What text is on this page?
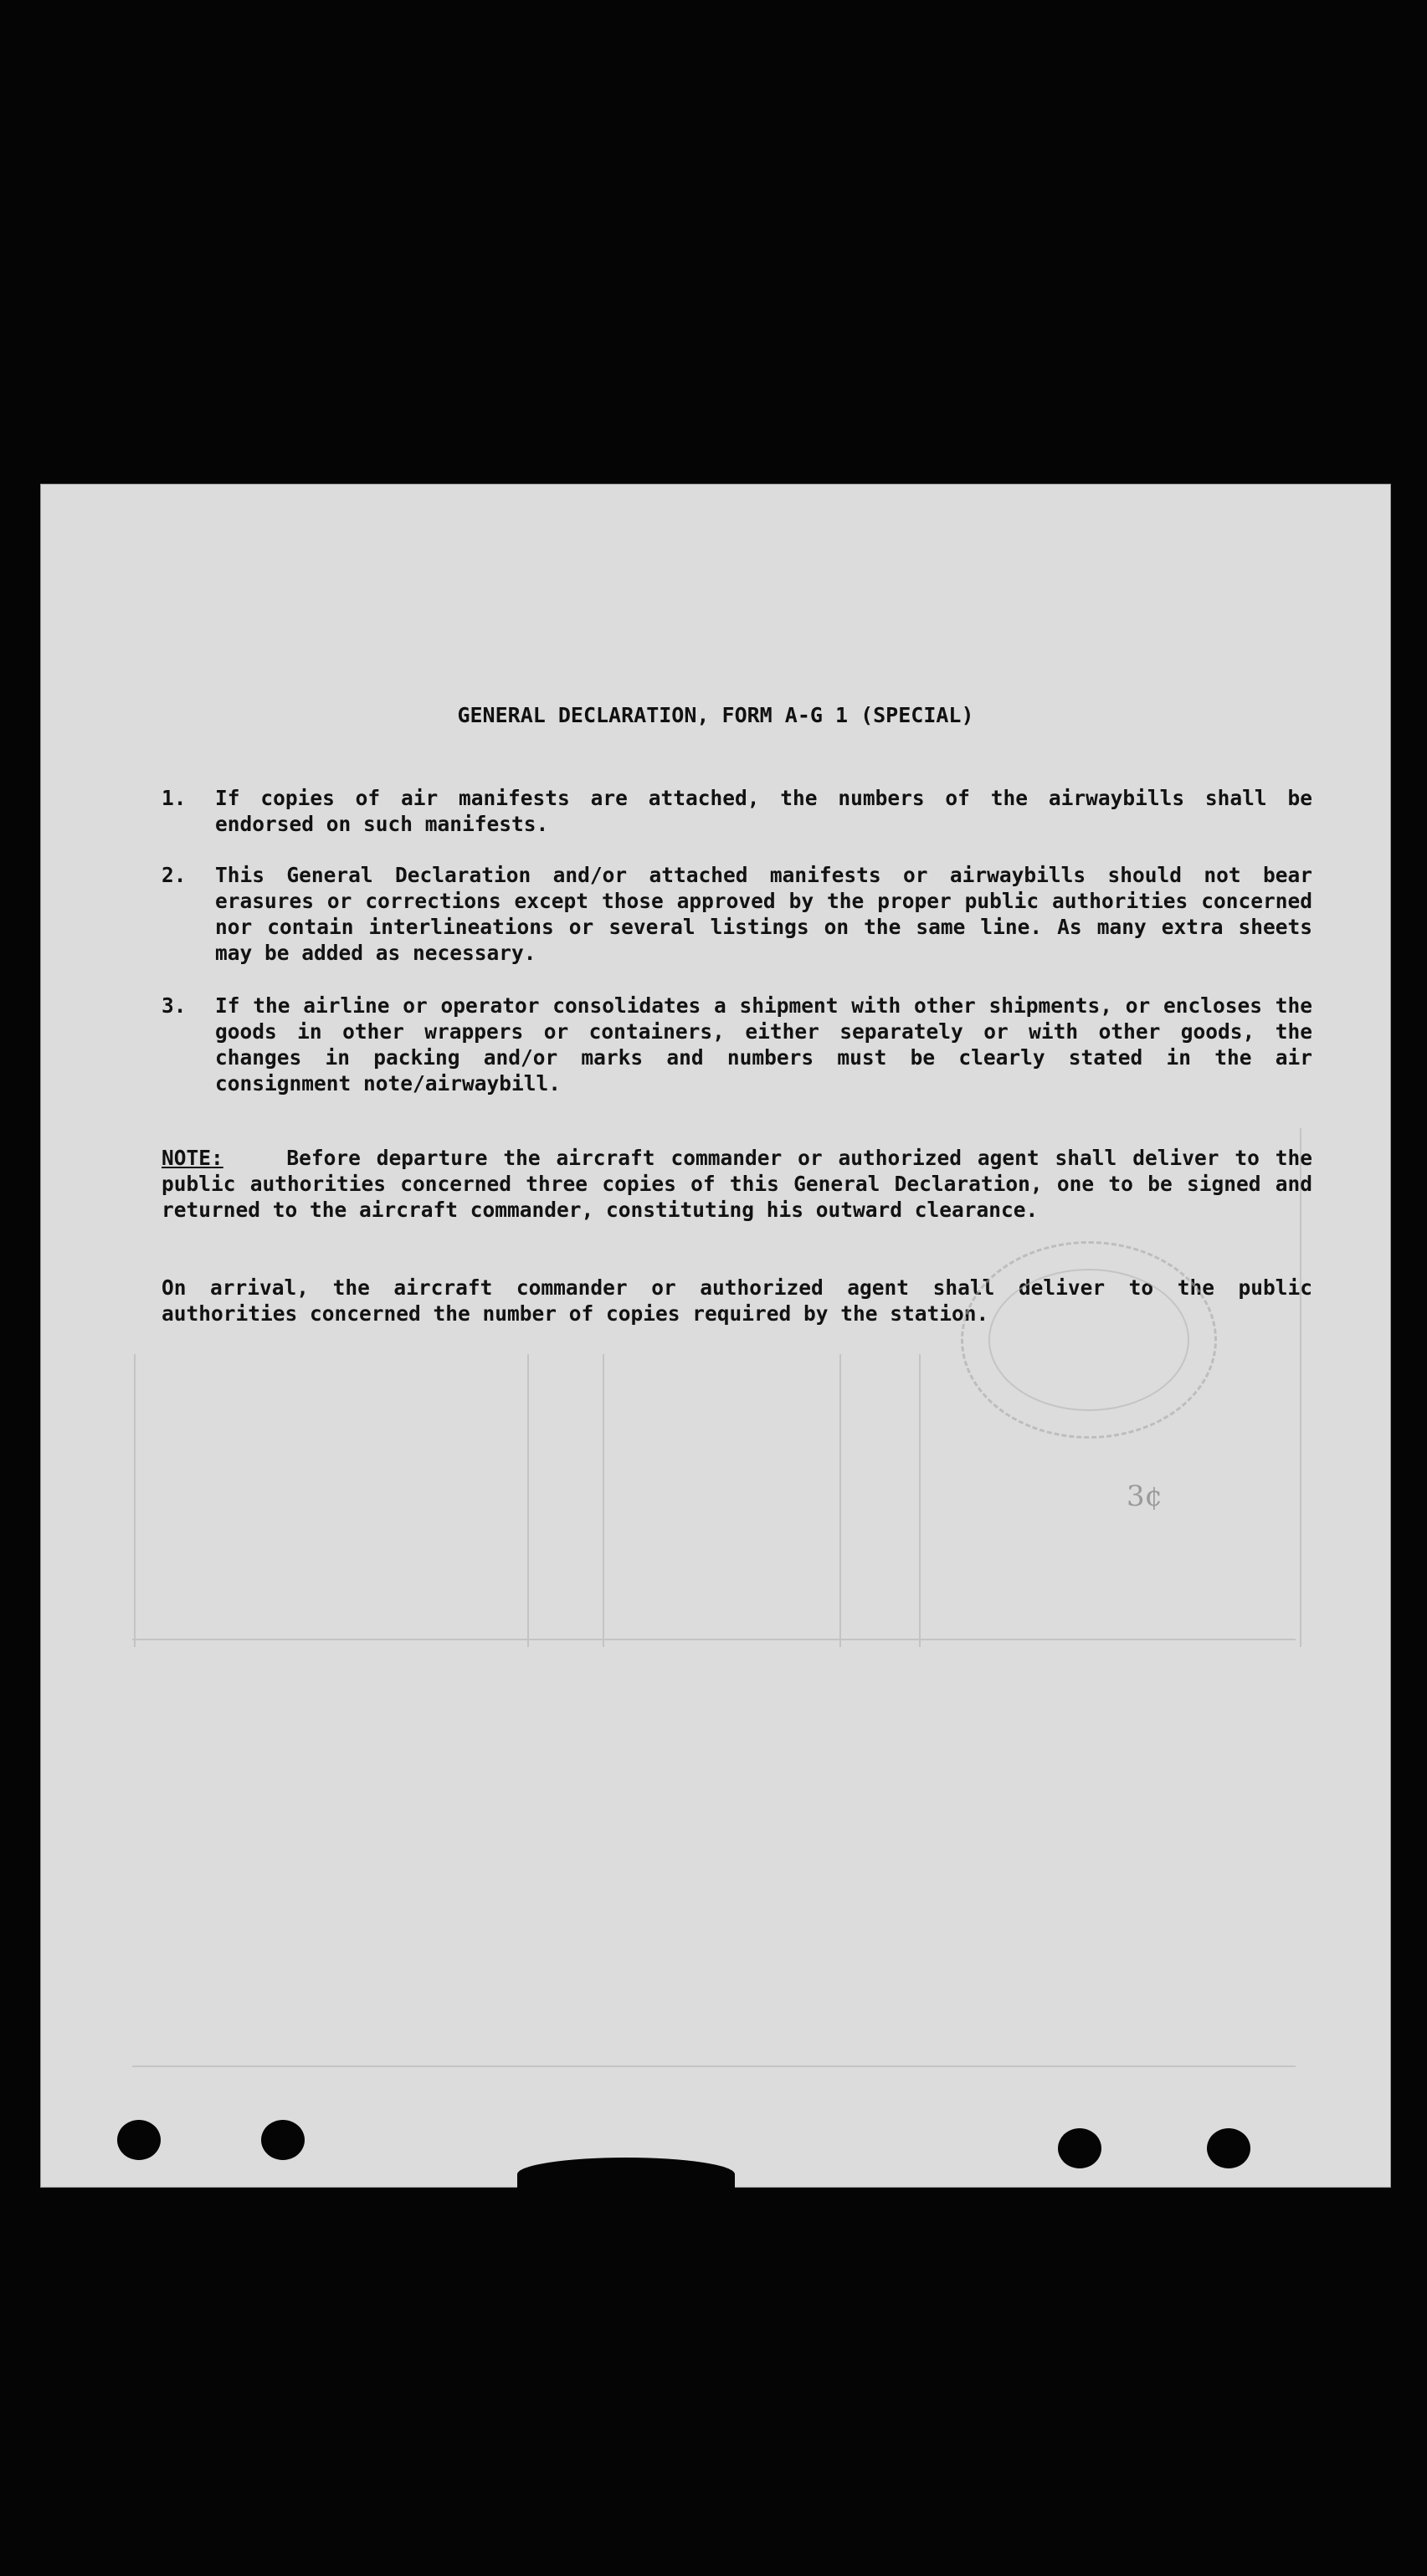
GENERAL DECLARATION, FORM A-G 1 (SPECIAL)
1. If copies of air manifests are attached, the numbers of the airwaybills shall be endorsed on such manifests.
2. This General Declaration and/or attached manifests or airwaybills should not bear erasures or corrections except those approved by the proper public authorities concerned nor contain interlineations or several listings on the same line. As many extra sheets may be added as necessary.
3. If the airline or operator consolidates a shipment with other shipments, or encloses the goods in other wrappers or containers, either separately or with other goods, the changes in packing and/or marks and numbers must be clearly stated in the air consignment note/airwaybill.
NOTE:	Before departure the aircraft commander or authorized agent shall deliver to the public authorities concerned three copies of this General Declaration, one to be signed and returned to the aircraft commander, constituting his outward clearance.
On arrival, the aircraft commander or authorized agent shall deliver to the public authorities concerned the number of copies required by the station.
3¢
